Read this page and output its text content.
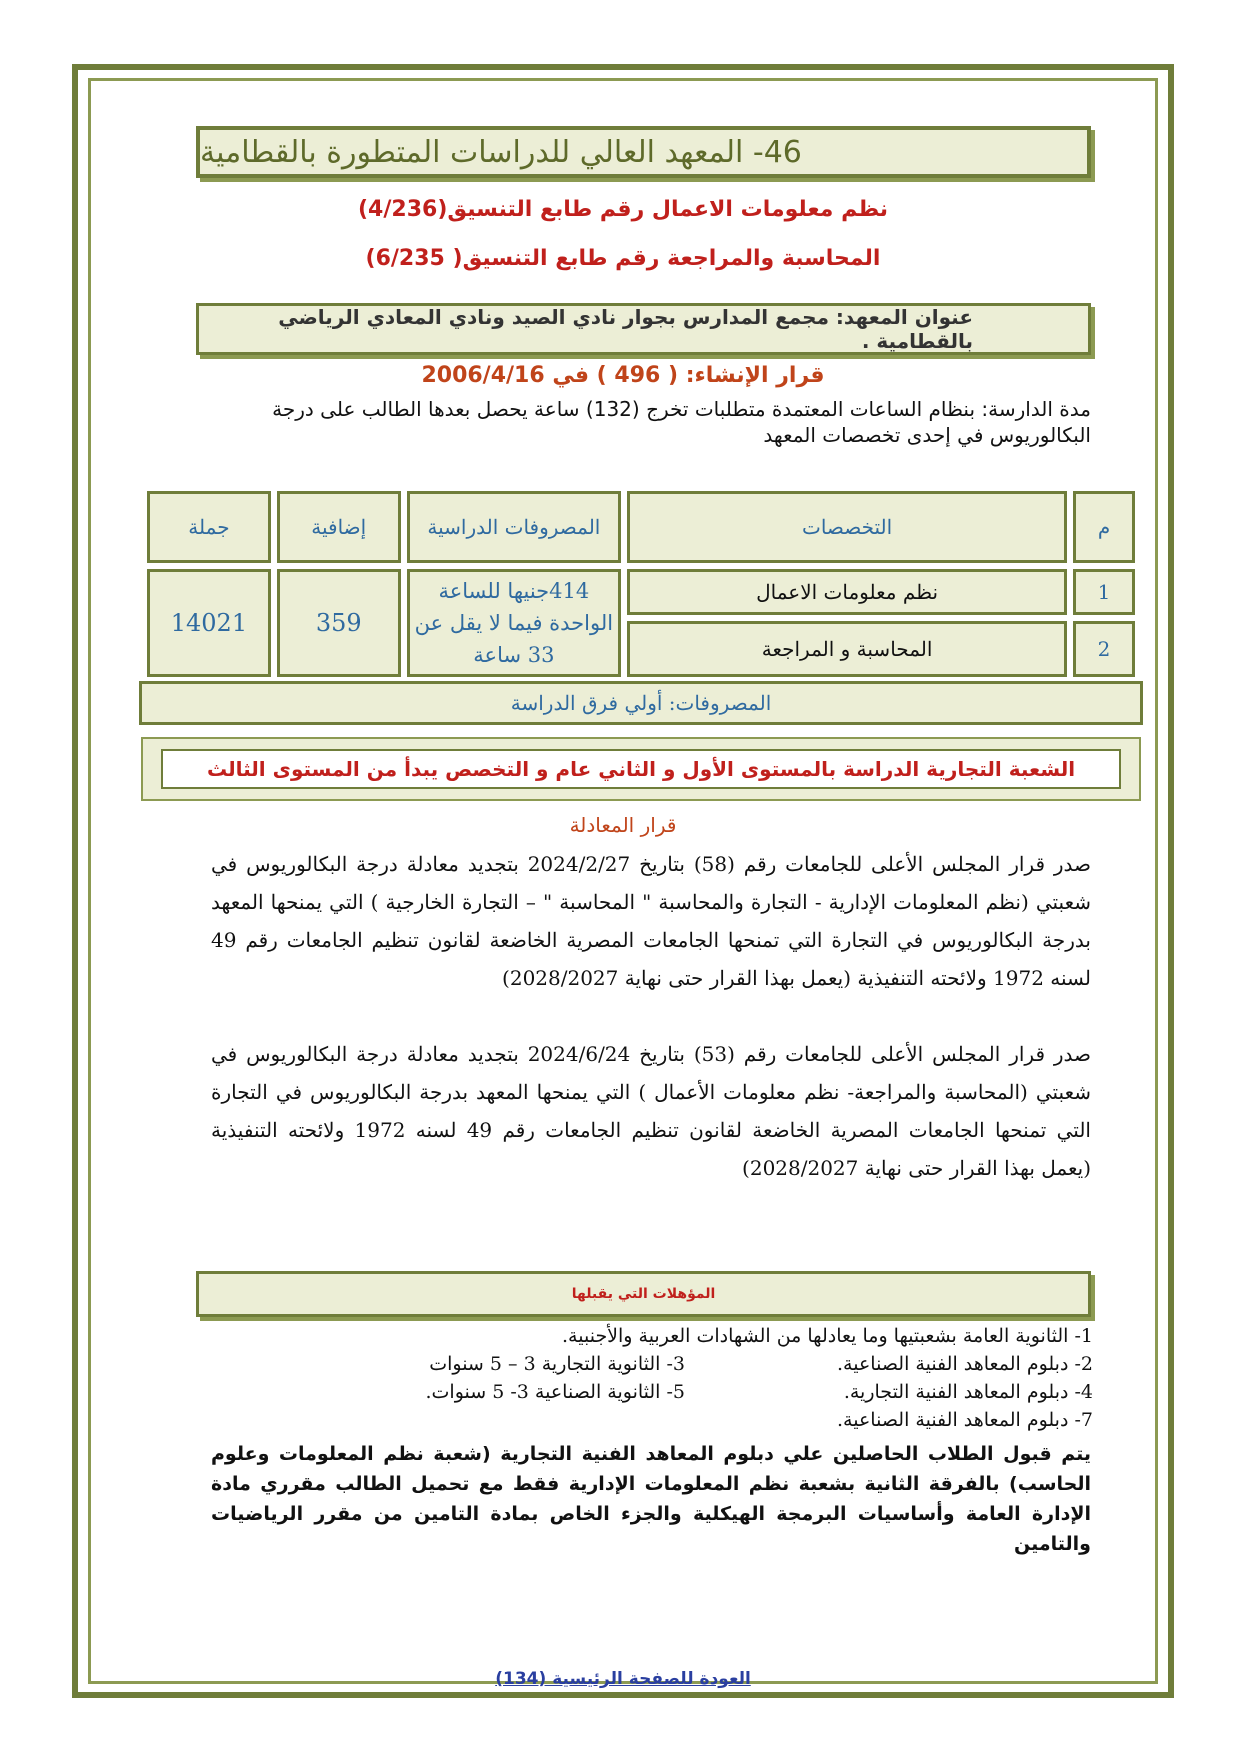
46- المعهد العالي للدراسات المتطورة بالقطامية
نظم معلومات الاعمال رقم طابع التنسيق(4/236)
المحاسبة والمراجعة رقم طابع التنسيق( 6/235)
عنوان المعهد: مجمع المدارس بجوار نادي الصيد ونادي المعادي الرياضي بالقطامية .
قرار الإنشاء: ( 496 ) في 2006/4/16
مدة الدارسة: بنظام الساعات المعتمدة متطلبات تخرج (132) ساعة يحصل بعدها الطالب على درجة البكالوريوس في إحدى تخصصات المعهد
م	التخصصات	المصروفات الدراسية	إضافية	جملة
1	نظم معلومات الاعمال	414جنيها للساعة الواحدة فيما لا يقل عن 33 ساعة	359	14021
2	المحاسبة و المراجعة			
المصروفات: أولي فرق الدراسة
الشعبة التجارية الدراسة بالمستوى الأول و الثاني عام و التخصص يبدأ من المستوى الثالث
قرار المعادلة
صدر قرار المجلس الأعلى للجامعات رقم (58) بتاريخ 2024/2/27 بتجديد معادلة درجة البكالوريوس في شعبتي (نظم المعلومات الإدارية - التجارة والمحاسبة " المحاسبة " – التجارة الخارجية ) التي يمنحها المعهد بدرجة البكالوريوس في التجارة التي تمنحها الجامعات المصرية الخاضعة لقانون تنظيم الجامعات رقم 49 لسنه 1972 ولائحته التنفيذية (يعمل بهذا القرار حتى نهاية 2028/2027)
صدر قرار المجلس الأعلى للجامعات رقم (53) بتاريخ 2024/6/24 بتجديد معادلة درجة البكالوريوس في شعبتي (المحاسبة والمراجعة- نظم معلومات الأعمال ) التي يمنحها المعهد بدرجة البكالوريوس في التجارة التي تمنحها الجامعات المصرية الخاضعة لقانون تنظيم الجامعات رقم 49 لسنه 1972 ولائحته التنفيذية (يعمل بهذا القرار حتى نهاية 2028/2027)
المؤهلات التي يقبلها
1- الثانوية العامة بشعبتيها وما يعادلها من الشهادات العربية والأجنبية.
2- دبلوم المعاهد الفنية الصناعية.
3- الثانوية التجارية 3 – 5 سنوات
4- دبلوم المعاهد الفنية التجارية.
5- الثانوية الصناعية 3- 5 سنوات.
7- دبلوم المعاهد الفنية الصناعية.
يتم قبول الطلاب الحاصلين علي دبلوم المعاهد الفنية التجارية (شعبة نظم المعلومات وعلوم الحاسب) بالفرقة الثانية بشعبة نظم المعلومات الإدارية فقط مع تحميل الطالب مقرري مادة الإدارة العامة وأساسيات البرمجة الهيكلية والجزء الخاص بمادة التامين من مقرر الرياضيات والتامين
العودة للصفحة الرئيسية (134)
